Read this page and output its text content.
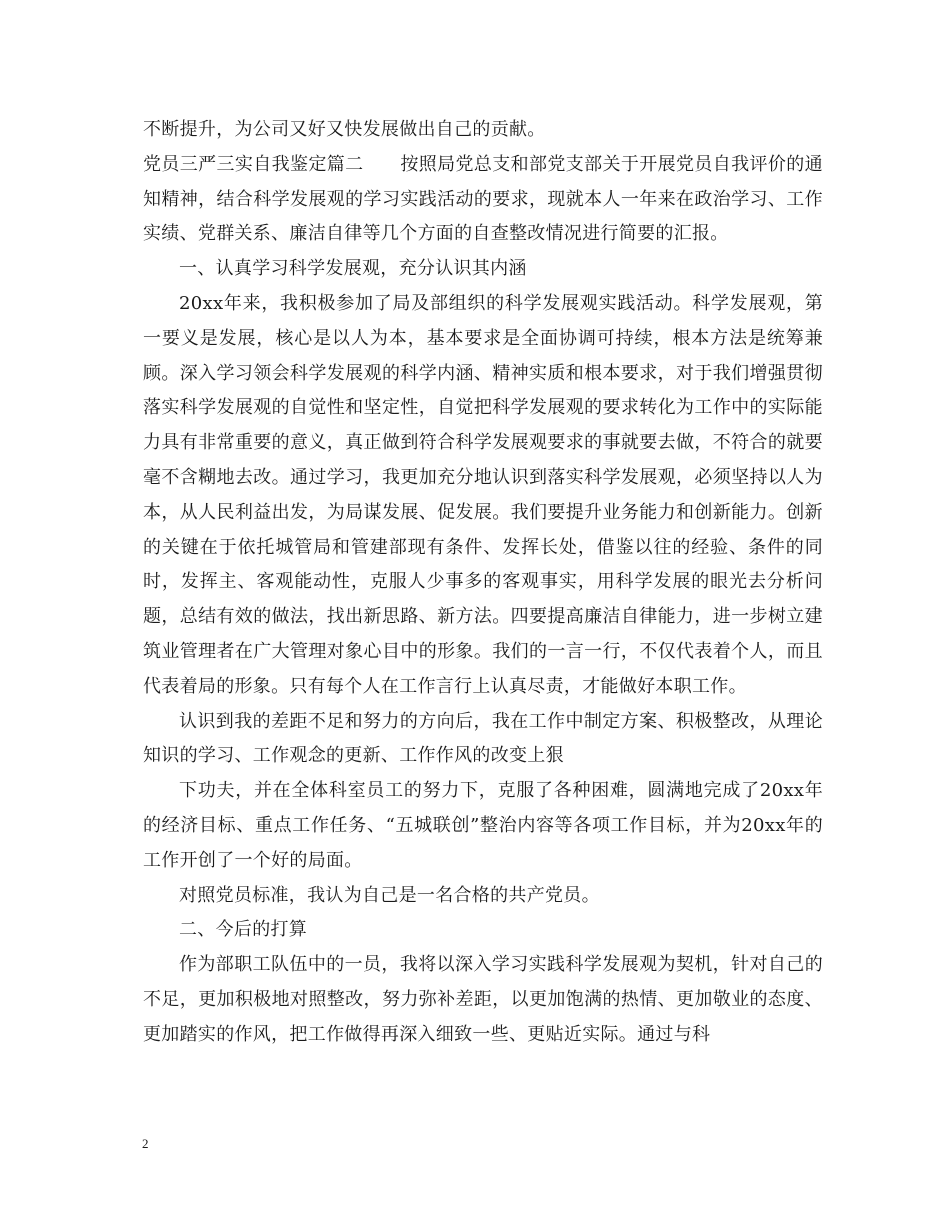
不断提升，为公司又好又快发展做出自己的贡献。

党员三严三实自我鉴定篇二　　按照局党总支和部党支部关于开展党员自我评价的通知精神，结合科学发展观的学习实践活动的要求，现就本人一年来在政治学习、工作实绩、党群关系、廉洁自律等几个方面的自查整改情况进行简要的汇报。

一、认真学习科学发展观，充分认识其内涵

20xx年来，我积极参加了局及部组织的科学发展观实践活动。科学发展观，第一要义是发展，核心是以人为本，基本要求是全面协调可持续，根本方法是统筹兼顾。深入学习领会科学发展观的科学内涵、精神实质和根本要求，对于我们增强贯彻落实科学发展观的自觉性和坚定性，自觉把科学发展观的要求转化为工作中的实际能力具有非常重要的意义，真正做到符合科学发展观要求的事就要去做，不符合的就要毫不含糊地去改。通过学习，我更加充分地认识到落实科学发展观，必须坚持以人为本，从人民利益出发，为局谋发展、促发展。我们要提升业务能力和创新能力。创新的关键在于依托城管局和管建部现有条件、发挥长处，借鉴以往的经验、条件的同时，发挥主、客观能动性，克服人少事多的客观事实，用科学发展的眼光去分析问题，总结有效的做法，找出新思路、新方法。四要提高廉洁自律能力，进一步树立建筑业管理者在广大管理对象心目中的形象。我们的一言一行，不仅代表着个人，而且代表着局的形象。只有每个人在工作言行上认真尽责，才能做好本职工作。

认识到我的差距不足和努力的方向后，我在工作中制定方案、积极整改，从理论知识的学习、工作观念的更新、工作作风的改变上狠

下功夫，并在全体科室员工的努力下，克服了各种困难，圆满地完成了20xx年的经济目标、重点工作任务、“五城联创”整治内容等各项工作目标，并为20xx年的工作开创了一个好的局面。

对照党员标准，我认为自己是一名合格的共产党员。

二、今后的打算

作为部职工队伍中的一员，我将以深入学习实践科学发展观为契机，针对自己的不足，更加积极地对照整改，努力弥补差距，以更加饱满的热情、更加敬业的态度、更加踏实的作风，把工作做得再深入细致一些、更贴近实际。通过与科

2
